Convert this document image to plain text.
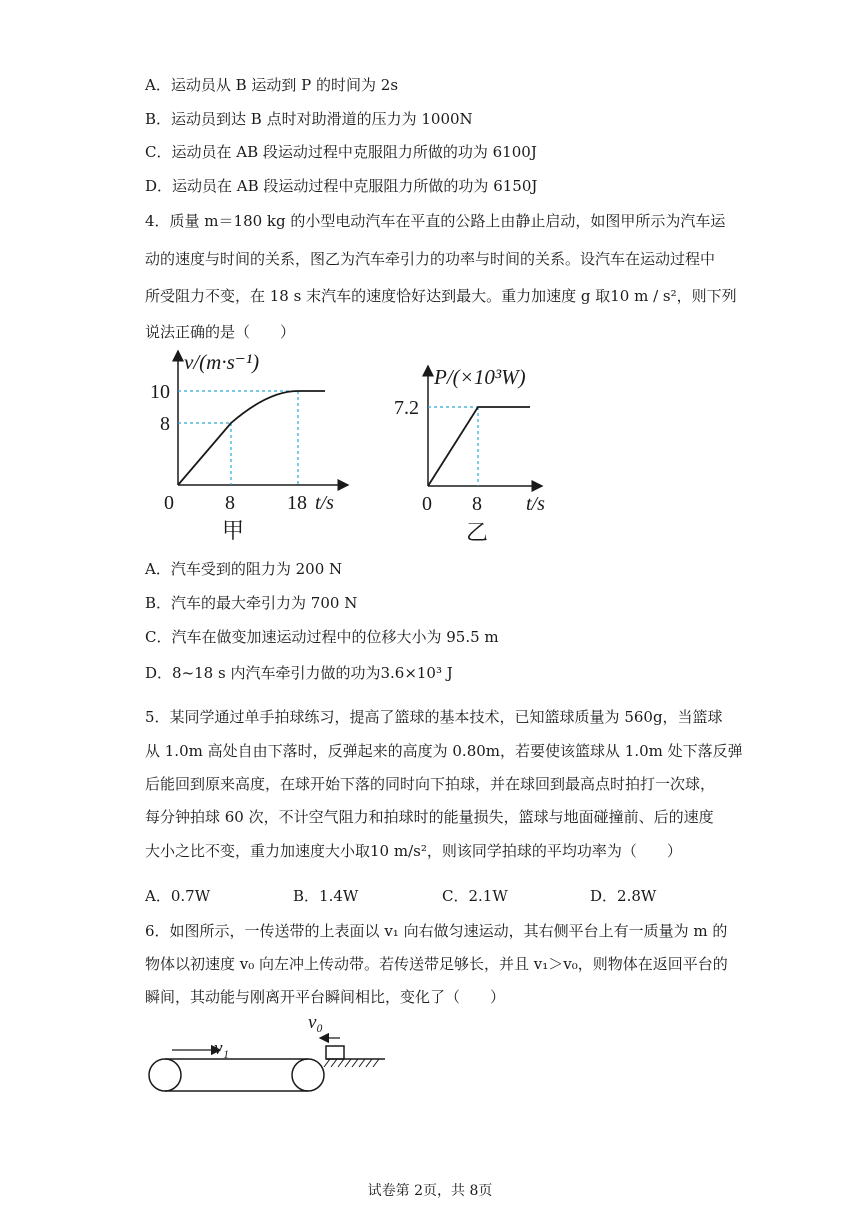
A．运动员从 B 运动到 P 的时间为 2s
B．运动员到达 B 点时对助滑道的压力为 1000N
C．运动员在 AB 段运动过程中克服阻力所做的功为 6100J
D．运动员在 AB 段运动过程中克服阻力所做的功为 6150J
4．质量 m＝180 kg 的小型电动汽车在平直的公路上由静止启动，如图甲所示为汽车运
动的速度与时间的关系，图乙为汽车牵引力的功率与时间的关系。设汽车在运动过程中
所受阻力不变，在 18 s 末汽车的速度恰好达到最大。重力加速度 g 取10 m / s²，则下列
说法正确的是（　　）
v/(m·s⁻¹)
10
8
0	8	18 t/s
甲
P/(×10³W)
7.2
0 8 t/s
乙
A．汽车受到的阻力为 200 N
B．汽车的最大牵引力为 700 N
C．汽车在做变加速运动过程中的位移大小为 95.5 m
D．8~18 s 内汽车牵引力做的功为3.6×10³ J
5．某同学通过单手拍球练习，提高了篮球的基本技术，已知篮球质量为 560g，当篮球
从 1.0m 高处自由下落时，反弹起来的高度为 0.80m，若要使该篮球从 1.0m 处下落反弹
后能回到原来高度，在球开始下落的同时向下拍球，并在球回到最高点时拍打一次球，
每分钟拍球 60 次，不计空气阻力和拍球时的能量损失，篮球与地面碰撞前、后的速度
大小之比不变，重力加速度大小取10 m/s²，则该同学拍球的平均功率为（　　）
A．0.7W	B．1.4W	C．2.1W	D．2.8W
6．如图所示，一传送带的上表面以 v₁ 向右做匀速运动，其右侧平台上有一质量为 m 的
物体以初速度 v₀ 向左冲上传动带。若传送带足够长，并且 v₁＞v₀，则物体在返回平台的
瞬间，其动能与刚离开平台瞬间相比，变化了（　　）
v₁
v₀
试卷第 2页，共 8页
